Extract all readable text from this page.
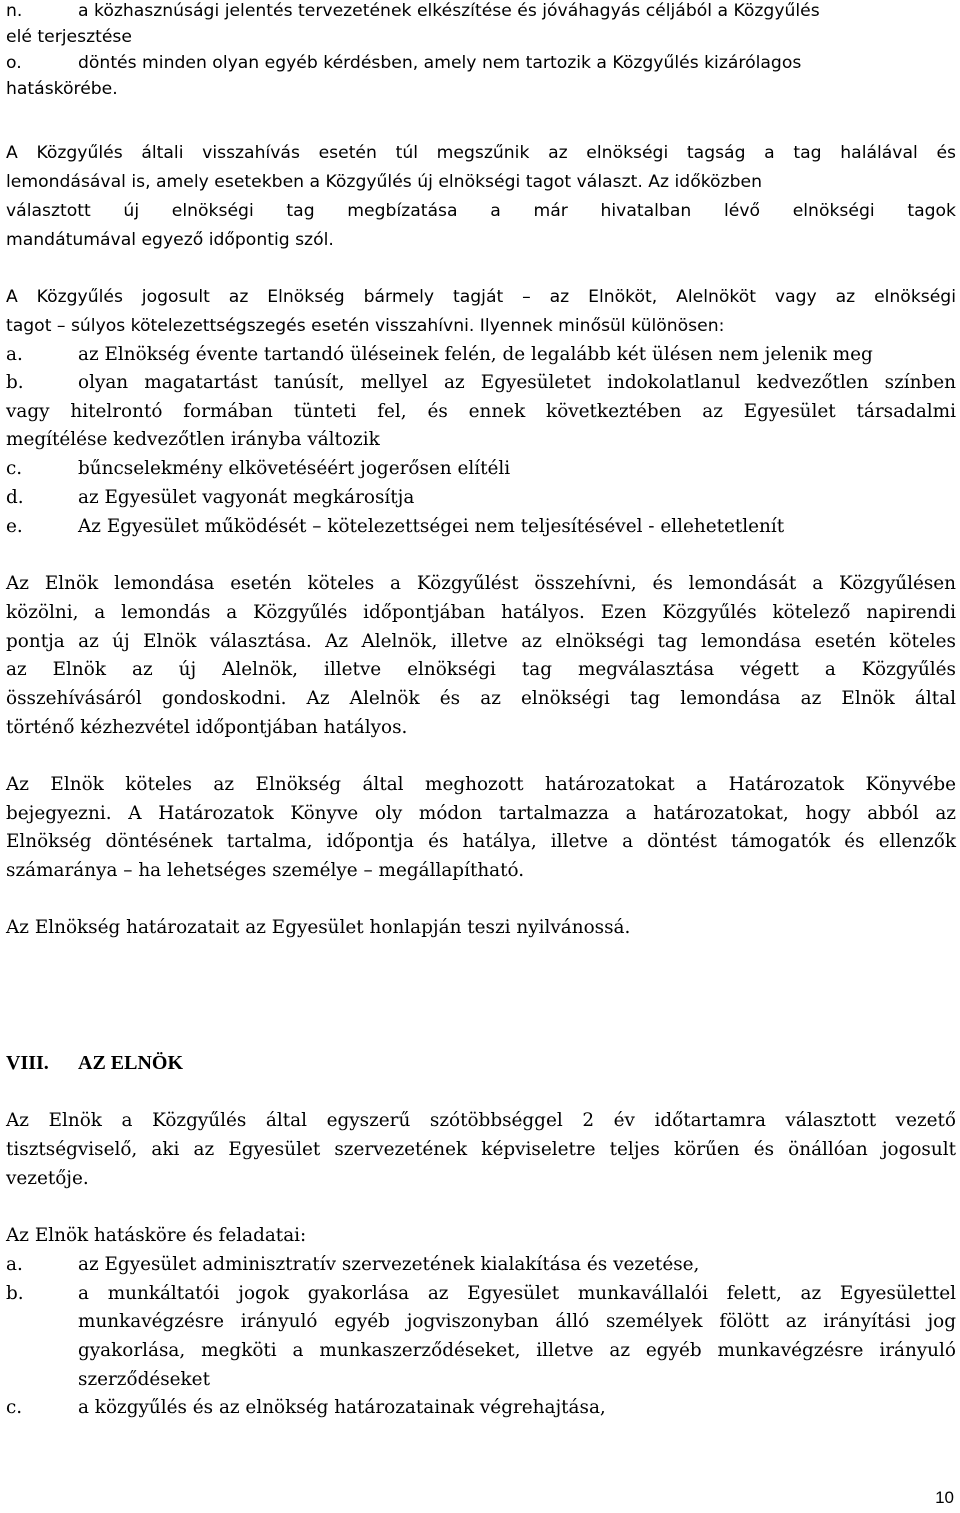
n.	a közhasznúsági jelentés tervezetének elkészítése és jóváhagyás céljából a Közgyűlés
elé terjesztése
o.	döntés minden olyan egyéb kérdésben, amely nem tartozik a Közgyűlés kizárólagos
hatáskörébe.
A Közgyűlés általi visszahívás esetén túl megszűnik az elnökségi tagság a tag halálával és
lemondásával is, amely esetekben a Közgyűlés új elnökségi tagot választ. Az időközben
választott új elnökségi tag megbízatása a már hivatalban lévő elnökségi tagok
mandátumával egyező időpontig szól.
A Közgyűlés jogosult az Elnökség bármely tagját – az Elnököt, Alelnököt vagy az elnökségi
tagot – súlyos kötelezettségszegés esetén visszahívni. Ilyennek minősül különösen:
a.	az Elnökség évente tartandó üléseinek felén, de legalább két ülésen nem jelenik meg
b.	olyan magatartást tanúsít, mellyel az Egyesületet indokolatlanul kedvezőtlen színben
vagy hitelrontó formában tünteti fel, és ennek következtében az Egyesület társadalmi
megítélése kedvezőtlen irányba változik
c.	bűncselekmény elkövetéséért jogerősen elítéli
d.	az Egyesület vagyonát megkárosítja
e.	Az Egyesület működését – kötelezettségei nem teljesítésével - ellehetetlenít
Az Elnök lemondása esetén köteles a Közgyűlést összehívni, és lemondását a Közgyűlésen
közölni, a lemondás a Közgyűlés időpontjában hatályos. Ezen Közgyűlés kötelező napirendi
pontja az új Elnök választása. Az Alelnök, illetve az elnökségi tag lemondása esetén köteles
az Elnök az új Alelnök, illetve elnökségi tag megválasztása végett a Közgyűlés
összehívásáról gondoskodni. Az Alelnök és az elnökségi tag lemondása az Elnök által
történő kézhezvétel időpontjában hatályos.
Az Elnök köteles az Elnökség által meghozott határozatokat a Határozatok Könyvébe
bejegyezni. A Határozatok Könyve oly módon tartalmazza a határozatokat, hogy abból az
Elnökség döntésének tartalma, időpontja és hatálya, illetve a döntést támogatók és ellenzők
számaránya – ha lehetséges személye – megállapítható.
Az Elnökség határozatait az Egyesület honlapján teszi nyilvánossá.
VIII. AZ ELNÖK
Az Elnök a Közgyűlés által egyszerű szótöbbséggel 2 év időtartamra választott vezető
tisztségviselő, aki az Egyesület szervezetének képviseletre teljes körűen és önállóan jogosult
vezetője.
Az Elnök hatásköre és feladatai:
a.	az Egyesület adminisztratív szervezetének kialakítása és vezetése,
b.	a munkáltatói jogok gyakorlása az Egyesület munkavállalói felett, az Egyesülettel
munkavégzésre irányuló egyéb jogviszonyban álló személyek fölött az irányítási jog
gyakorlása, megköti a munkaszerződéseket, illetve az egyéb munkavégzésre irányuló
szerződéseket
c.	a közgyűlés és az elnökség határozatainak végrehajtása,
10
